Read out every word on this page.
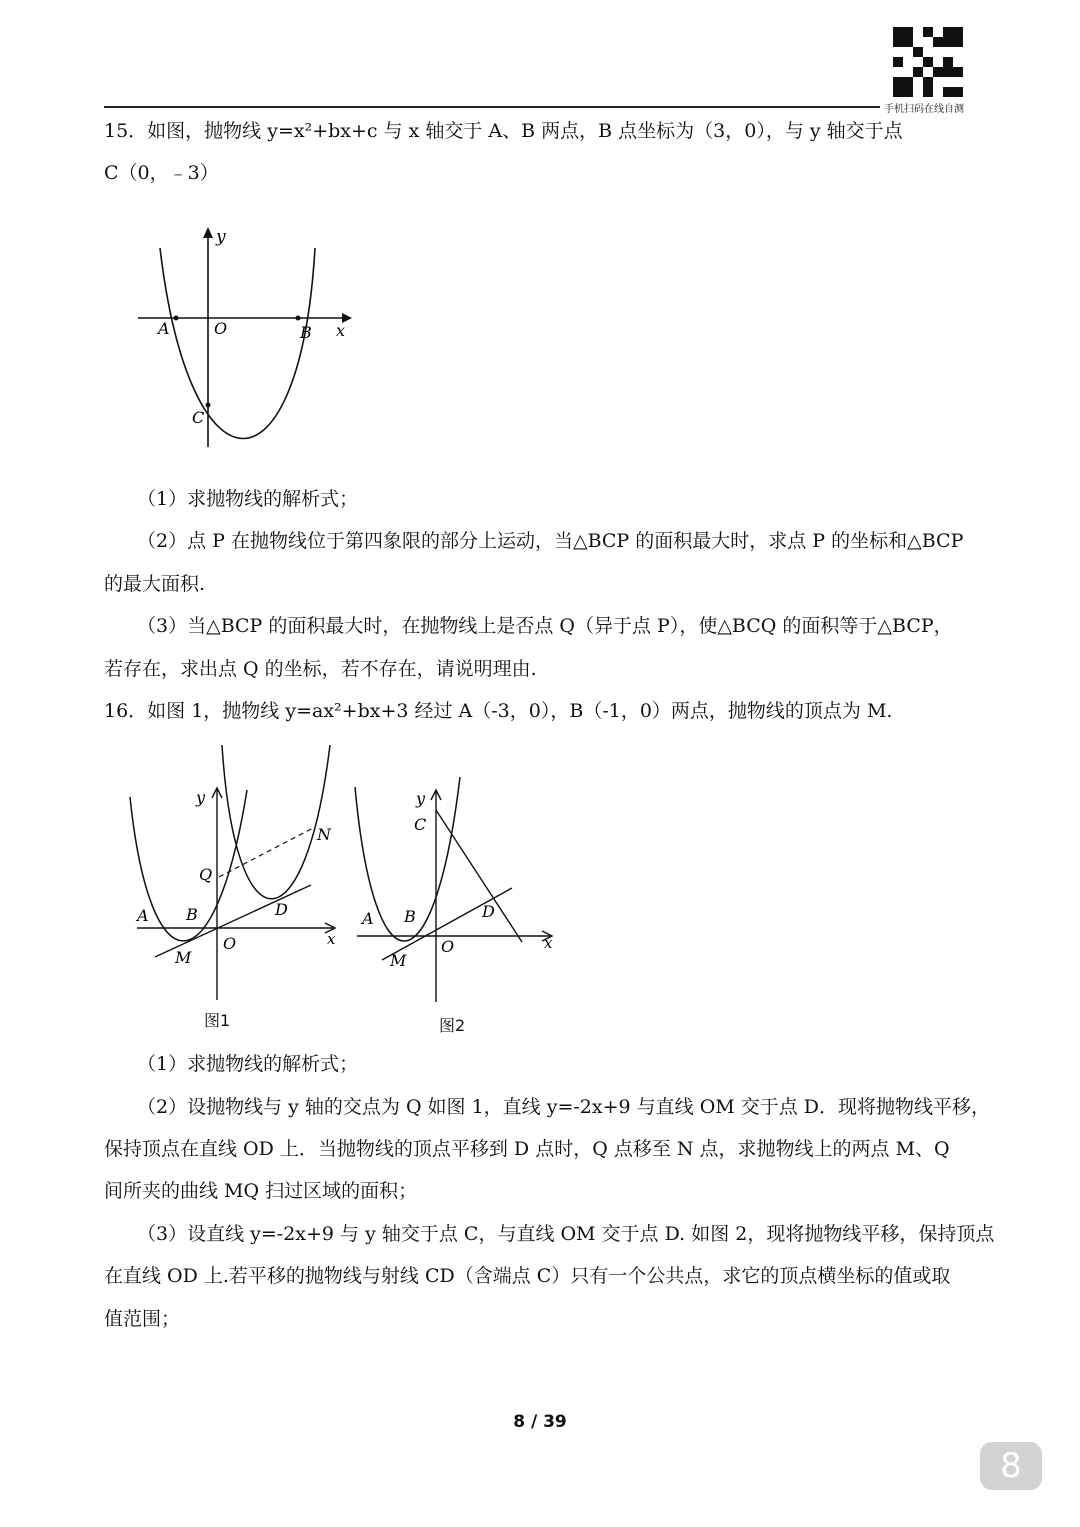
手机扫码在线自测
15．如图，抛物线 y=x²+bx+c 与 x 轴交于 A、B 两点，B 点坐标为（3，0），与 y 轴交于点
C（0，﹣3）
y
x
A	O	B
C
（1）求抛物线的解析式；
（2）点 P 在抛物线位于第四象限的部分上运动，当△BCP 的面积最大时，求点 P 的坐标和△BCP
的最大面积.
（3）当△BCP 的面积最大时，在抛物线上是否点 Q（异于点 P），使△BCQ 的面积等于△BCP，
若存在，求出点 Q 的坐标，若不存在，请说明理由.
16．如图 1，抛物线 y=ax²+bx+3 经过 A（-3，0），B（-1，0）两点，抛物线的顶点为 M.
y
x
N
Q
A B	D
O
M
图1
y
x
C
A B	D
O
M
图2
（1）求抛物线的解析式；
（2）设抛物线与 y 轴的交点为 Q 如图 1，直线 y=-2x+9 与直线 OM 交于点 D．现将抛物线平移，
保持顶点在直线 OD 上．当抛物线的顶点平移到 D 点时，Q 点移至 N 点，求抛物线上的两点 M、Q
间所夹的曲线 MQ 扫过区域的面积；
（3）设直线 y=-2x+9 与 y 轴交于点 C，与直线 OM 交于点 D. 如图 2，现将抛物线平移，保持顶点
在直线 OD 上.若平移的抛物线与射线 CD（含端点 C）只有一个公共点，求它的顶点横坐标的值或取
值范围；
8 / 39
8
